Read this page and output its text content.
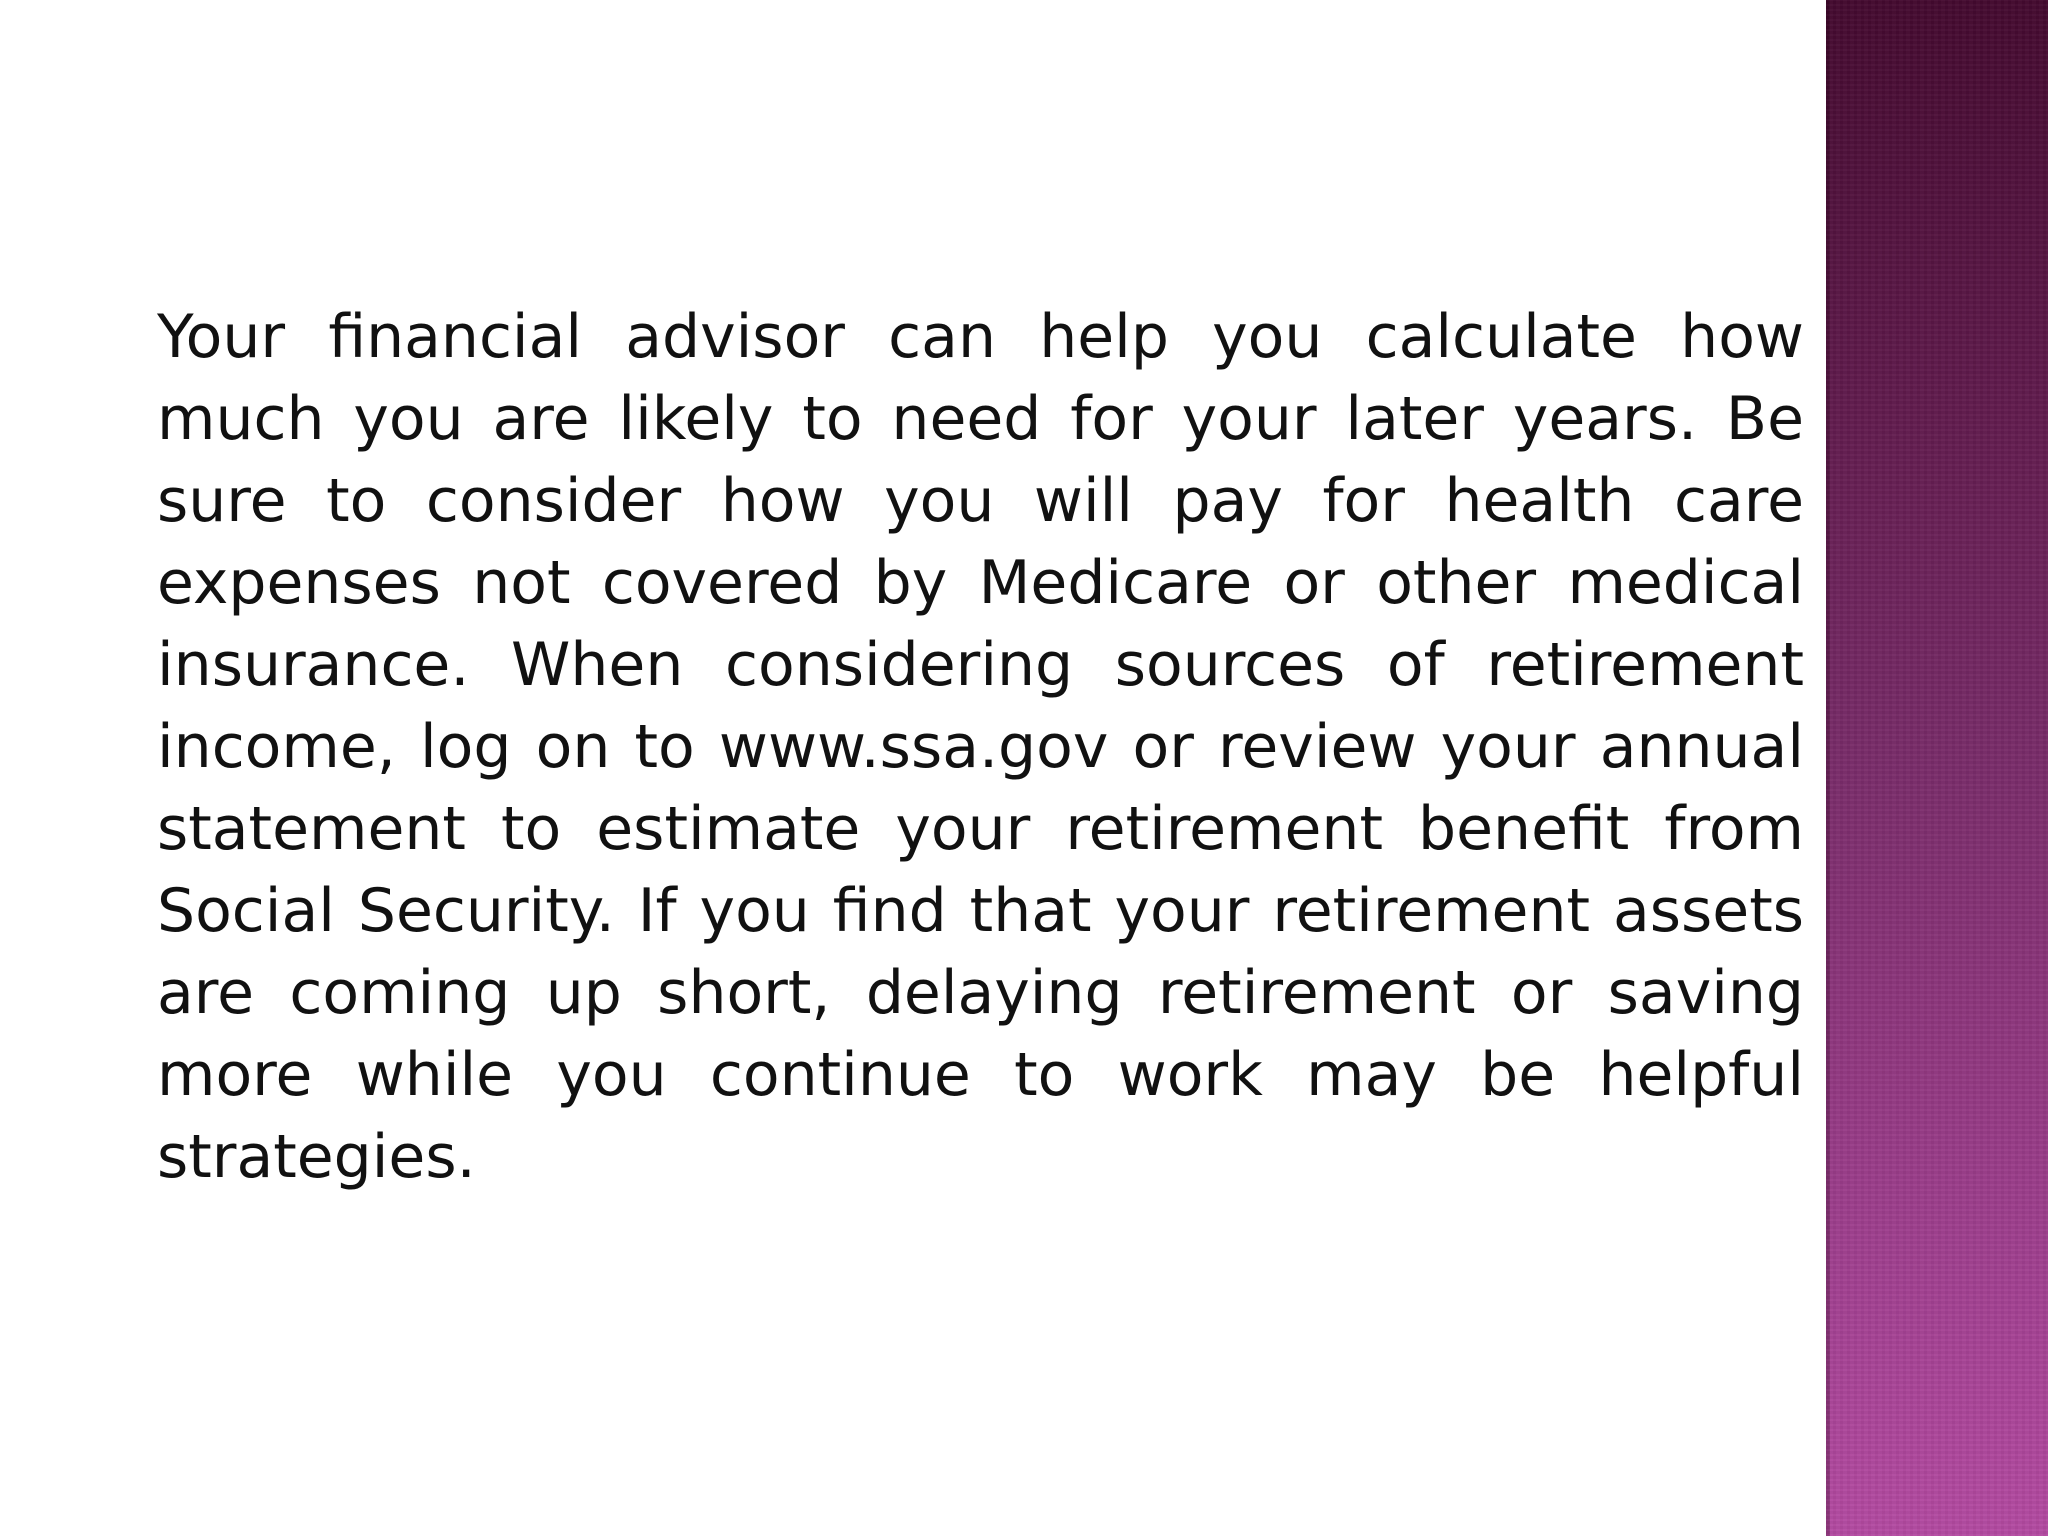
Your financial advisor can help you calculate how much you are likely to need for your later years. Be sure to consider how you will pay for health care expenses not covered by Medicare or other medical insurance. When considering sources of retirement income, log on to www.ssa.gov or review your annual statement to estimate your retirement benefit from Social Security. If you find that your retirement assets are coming up short, delaying retirement or saving more while you continue to work may be helpful strategies.
